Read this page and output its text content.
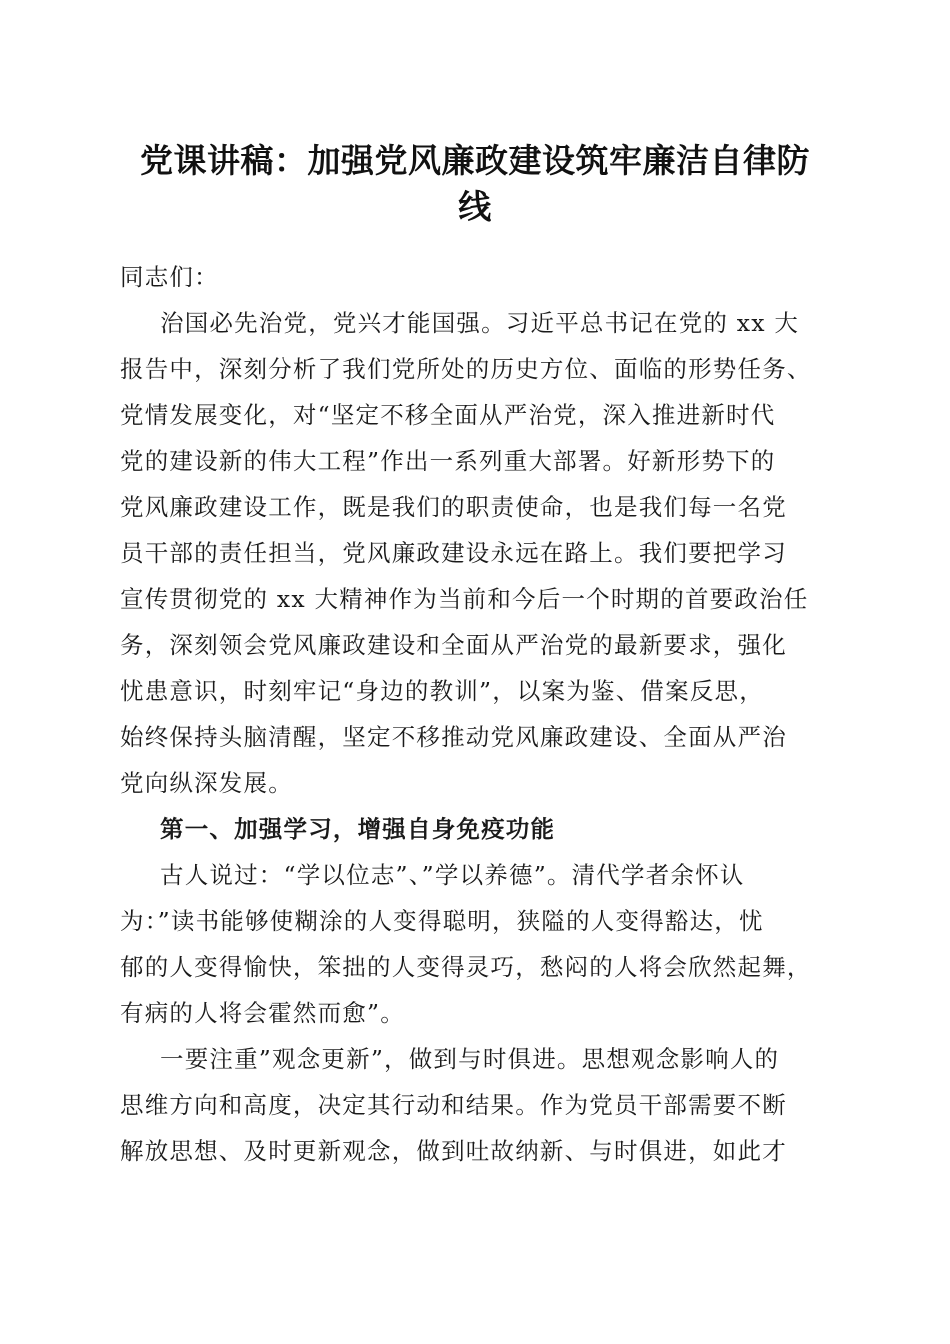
党课讲稿：加强党风廉政建设筑牢廉洁自律防
线
同志们：
治国必先治党，党兴才能国强。习近平总书记在党的 xx 大
报告中，深刻分析了我们党所处的历史方位、面临的形势任务、
党情发展变化，对“坚定不移全面从严治党，深入推进新时代
党的建设新的伟大工程”作出一系列重大部署。好新形势下的
党风廉政建设工作，既是我们的职责使命，也是我们每一名党
员干部的责任担当，党风廉政建设永远在路上。我们要把学习
宣传贯彻党的 xx 大精神作为当前和今后一个时期的首要政治任
务，深刻领会党风廉政建设和全面从严治党的最新要求，强化
忧患意识，时刻牢记“身边的教训”，以案为鉴、借案反思，
始终保持头脑清醒，坚定不移推动党风廉政建设、全面从严治
党向纵深发展。
第一、加强学习，增强自身免疫功能
古人说过：“学以位志”、”学以养德”。清代学者余怀认
为：”读书能够使糊涂的人变得聪明，狭隘的人变得豁达，忧
郁的人变得愉快，笨拙的人变得灵巧，愁闷的人将会欣然起舞，
有病的人将会霍然而愈”。
一要注重”观念更新”，做到与时俱进。思想观念影响人的
思维方向和高度，决定其行动和结果。作为党员干部需要不断
解放思想、及时更新观念，做到吐故纳新、与时俱进，如此才
